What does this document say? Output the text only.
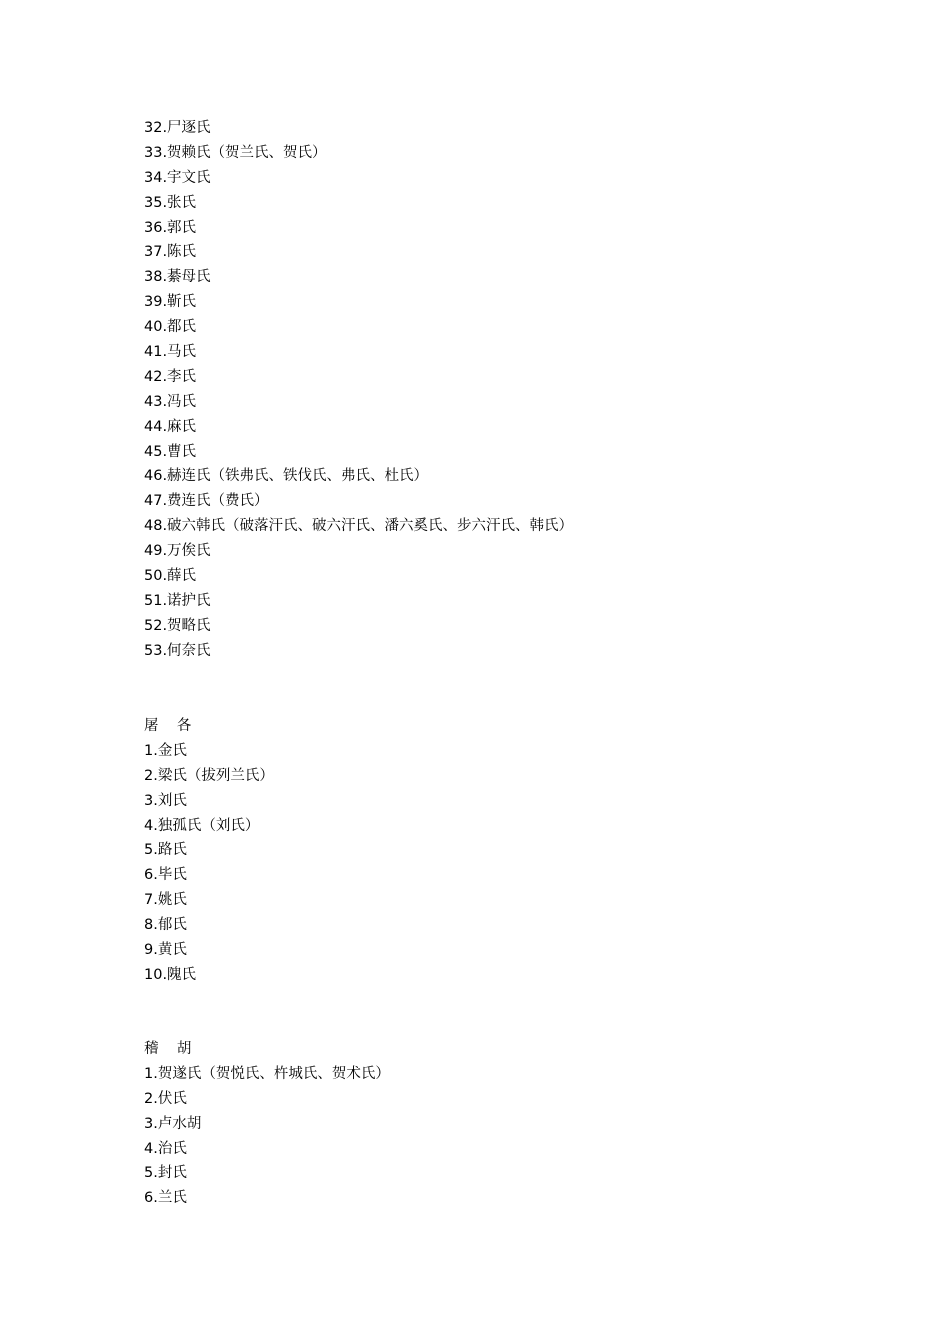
32.尸逐氏
33.贺赖氏（贺兰氏、贺氏）
34.宇文氏
35.张氏
36.郭氏
37.陈氏
38.綦母氏
39.靳氏
40.都氏
41.马氏
42.李氏
43.冯氏
44.麻氏
45.曹氏
46.赫连氏（铁弗氏、铁伐氏、弗氏、杜氏）
47.费连氏（费氏）
48.破六韩氏（破落汗氏、破六汗氏、潘六奚氏、步六汗氏、韩氏）
49.万俟氏
50.薛氏
51.诺护氏
52.贺略氏
53.何奈氏
屠    各
1.金氏
2.梁氏（拔列兰氏）
3.刘氏
4.独孤氏（刘氏）
5.路氏
6.毕氏
7.姚氏
8.郁氏
9.黄氏
10.隗氏
稽    胡
1.贺遂氏（贺悦氏、杵城氏、贺术氏）
2.伏氏
3.卢水胡
4.治氏
5.封氏
6.兰氏
